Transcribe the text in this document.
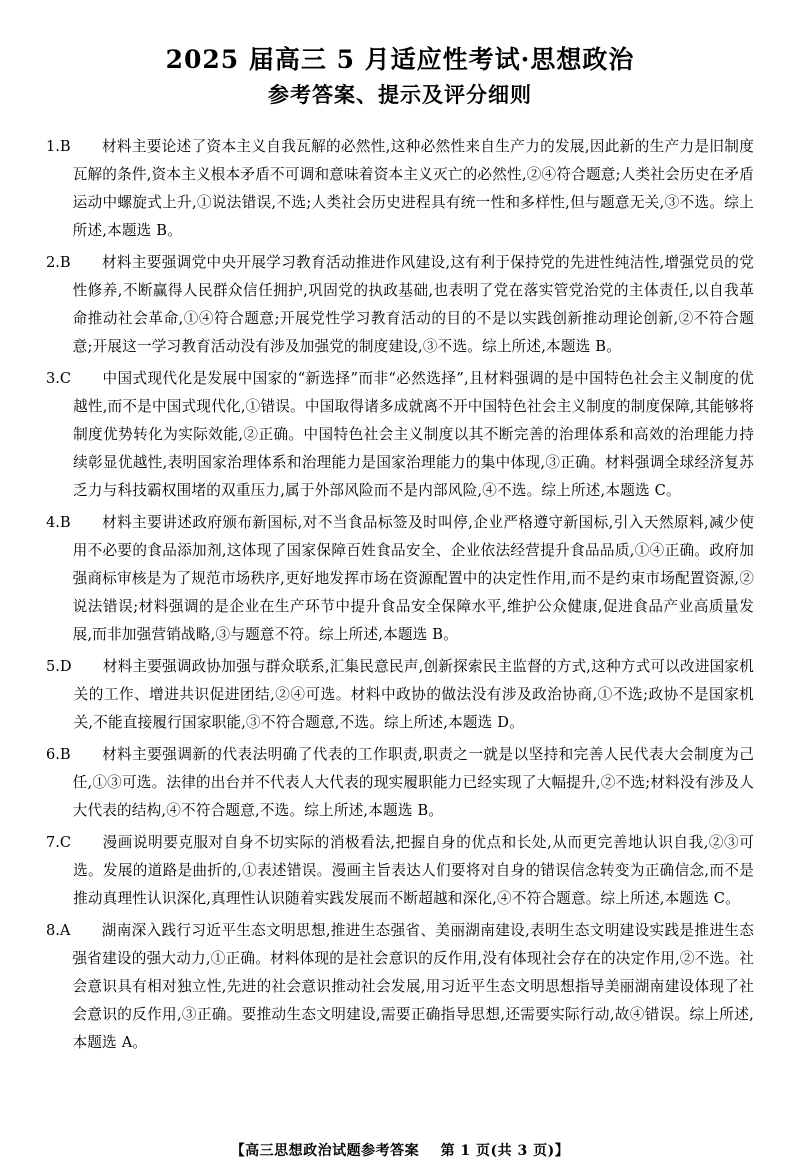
2025 届高三 5 月适应性考试·思想政治
参考答案、提示及评分细则
1.B	材料主要论述了资本主义自我瓦解的必然性,这种必然性来自生产力的发展,因此新的生产力是旧制度瓦解的条件,资本主义根本矛盾不可调和意味着资本主义灭亡的必然性,②④符合题意;人类社会历史在矛盾运动中螺旋式上升,①说法错误,不选;人类社会历史进程具有统一性和多样性,但与题意无关,③不选。综上所述,本题选 B。
2.B	材料主要强调党中央开展学习教育活动推进作风建设,这有利于保持党的先进性纯洁性,增强党员的党性修养,不断赢得人民群众信任拥护,巩固党的执政基础,也表明了党在落实管党治党的主体责任,以自我革命推动社会革命,①④符合题意;开展党性学习教育活动的目的不是以实践创新推动理论创新,②不符合题意;开展这一学习教育活动没有涉及加强党的制度建设,③不选。综上所述,本题选 B。
3.C	中国式现代化是发展中国家的“新选择”而非“必然选择”,且材料强调的是中国特色社会主义制度的优越性,而不是中国式现代化,①错误。中国取得诸多成就离不开中国特色社会主义制度的制度保障,其能够将制度优势转化为实际效能,②正确。中国特色社会主义制度以其不断完善的治理体系和高效的治理能力持续彰显优越性,表明国家治理体系和治理能力是国家治理能力的集中体现,③正确。材料强调全球经济复苏乏力与科技霸权围堵的双重压力,属于外部风险而不是内部风险,④不选。综上所述,本题选 C。
4.B	材料主要讲述政府颁布新国标,对不当食品标签及时叫停,企业严格遵守新国标,引入天然原料,减少使用不必要的食品添加剂,这体现了国家保障百姓食品安全、企业依法经营提升食品品质,①④正确。政府加强商标审核是为了规范市场秩序,更好地发挥市场在资源配置中的决定性作用,而不是约束市场配置资源,②说法错误;材料强调的是企业在生产环节中提升食品安全保障水平,维护公众健康,促进食品产业高质量发展,而非加强营销战略,③与题意不符。综上所述,本题选 B。
5.D	材料主要强调政协加强与群众联系,汇集民意民声,创新探索民主监督的方式,这种方式可以改进国家机关的工作、增进共识促进团结,②④可选。材料中政协的做法没有涉及政治协商,①不选;政协不是国家机关,不能直接履行国家职能,③不符合题意,不选。综上所述,本题选 D。
6.B	材料主要强调新的代表法明确了代表的工作职责,职责之一就是以坚持和完善人民代表大会制度为己任,①③可选。法律的出台并不代表人大代表的现实履职能力已经实现了大幅提升,②不选;材料没有涉及人大代表的结构,④不符合题意,不选。综上所述,本题选 B。
7.C	漫画说明要克服对自身不切实际的消极看法,把握自身的优点和长处,从而更完善地认识自我,②③可选。发展的道路是曲折的,①表述错误。漫画主旨表达人们要将对自身的错误信念转变为正确信念,而不是推动真理性认识深化,真理性认识随着实践发展而不断超越和深化,④不符合题意。综上所述,本题选 C。
8.A	湖南深入践行习近平生态文明思想,推进生态强省、美丽湖南建设,表明生态文明建设实践是推进生态强省建设的强大动力,①正确。材料体现的是社会意识的反作用,没有体现社会存在的决定作用,②不选。社会意识具有相对独立性,先进的社会意识推动社会发展,用习近平生态文明思想指导美丽湖南建设体现了社会意识的反作用,③正确。要推动生态文明建设,需要正确指导思想,还需要实际行动,故④错误。综上所述,本题选 A。
【高三思想政治试题参考答案 第 1 页(共 3 页)】
